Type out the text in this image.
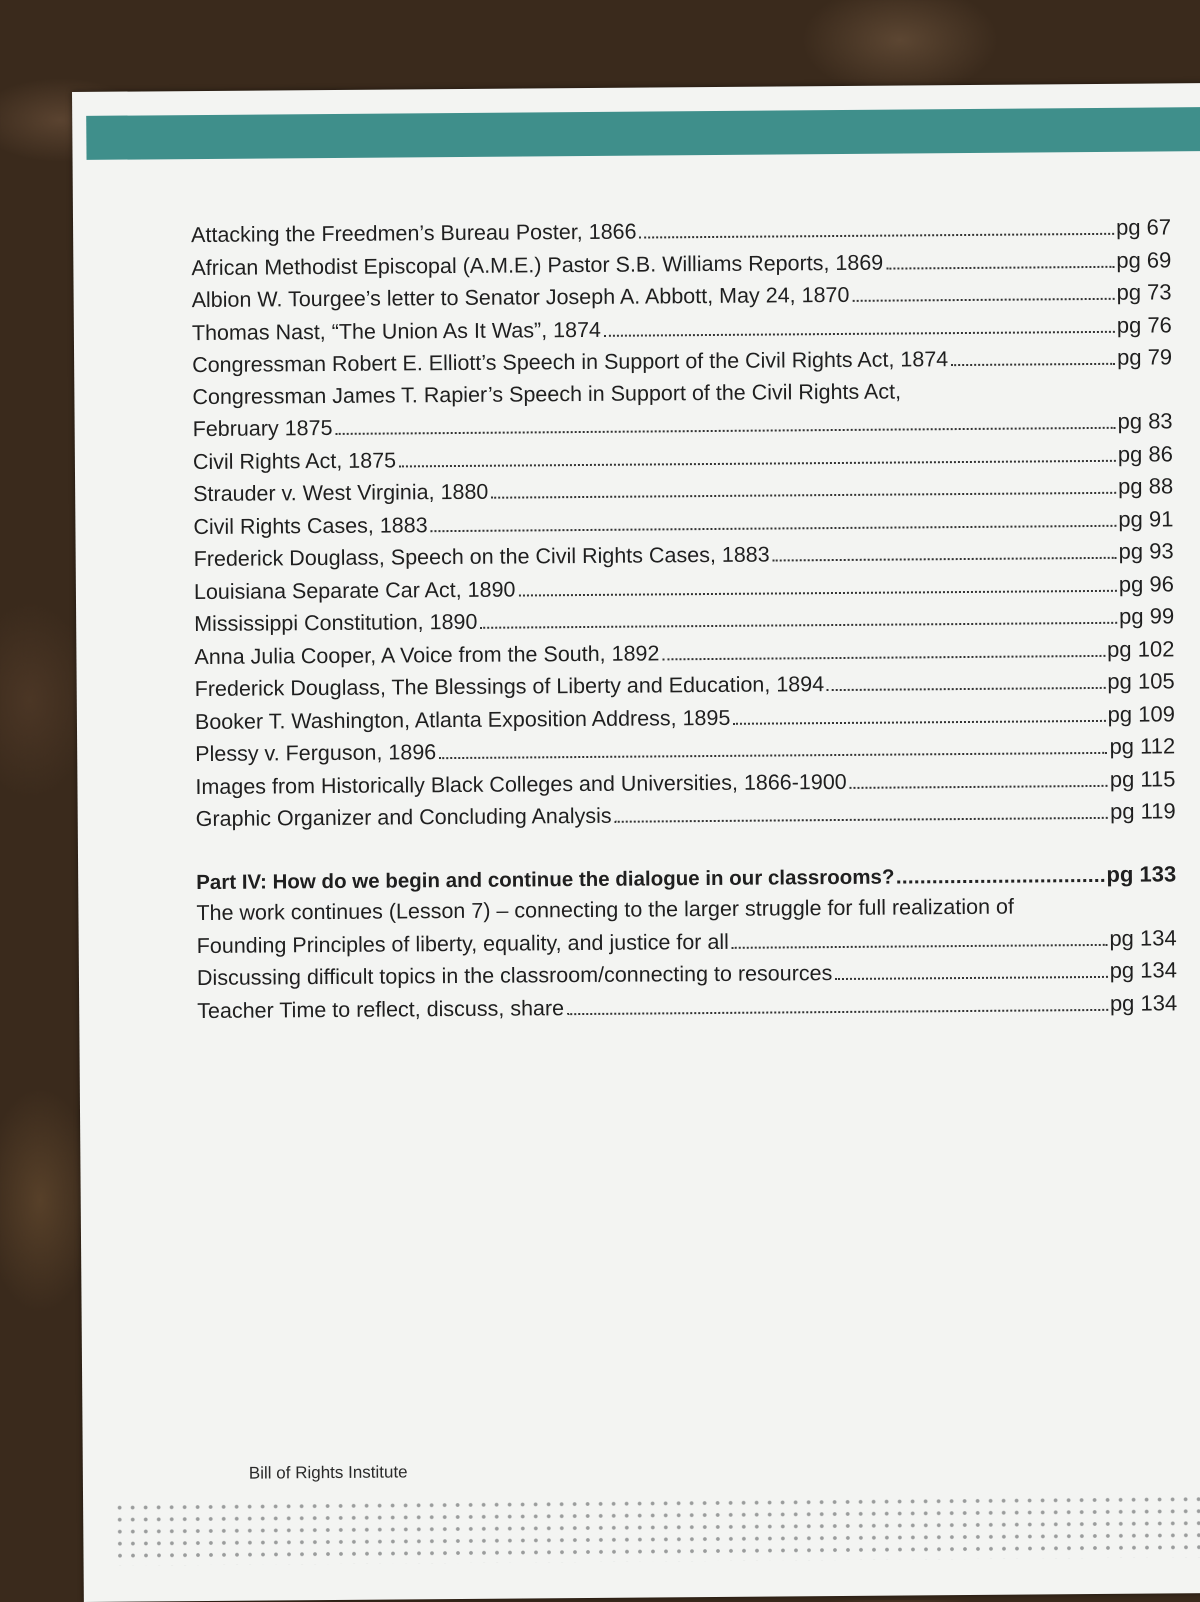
Attacking the Freedmen’s Bureau Poster, 1866	pg 67
African Methodist Episcopal (A.M.E.) Pastor S.B. Williams Reports, 1869	pg 69
Albion W. Tourgee’s letter to Senator Joseph A. Abbott, May 24, 1870	pg 73
Thomas Nast, “The Union As It Was”, 1874	pg 76
Congressman Robert E. Elliott’s Speech in Support of the Civil Rights Act, 1874	pg 79
Congressman James T. Rapier’s Speech in Support of the Civil Rights Act,
February 1875	pg 83
Civil Rights Act, 1875	pg 86
Strauder v. West Virginia, 1880	pg 88
Civil Rights Cases, 1883	pg 91
Frederick Douglass, Speech on the Civil Rights Cases, 1883	pg 93
Louisiana Separate Car Act, 1890	pg 96
Mississippi Constitution, 1890	pg 99
Anna Julia Cooper, A Voice from the South, 1892	pg 102
Frederick Douglass, The Blessings of Liberty and Education, 1894	pg 105
Booker T. Washington, Atlanta Exposition Address, 1895	pg 109
Plessy v. Ferguson, 1896	pg 112
Images from Historically Black Colleges and Universities, 1866-1900	pg 115
Graphic Organizer and Concluding Analysis	pg 119
Part IV: How do we begin and continue the dialogue in our classrooms?	pg 133
The work continues (Lesson 7) – connecting to the larger struggle for full realization of
Founding Principles of liberty, equality, and justice for all	pg 134
Discussing difficult topics in the classroom/connecting to resources	pg 134
Teacher Time to reflect, discuss, share	pg 134
Bill of Rights Institute
